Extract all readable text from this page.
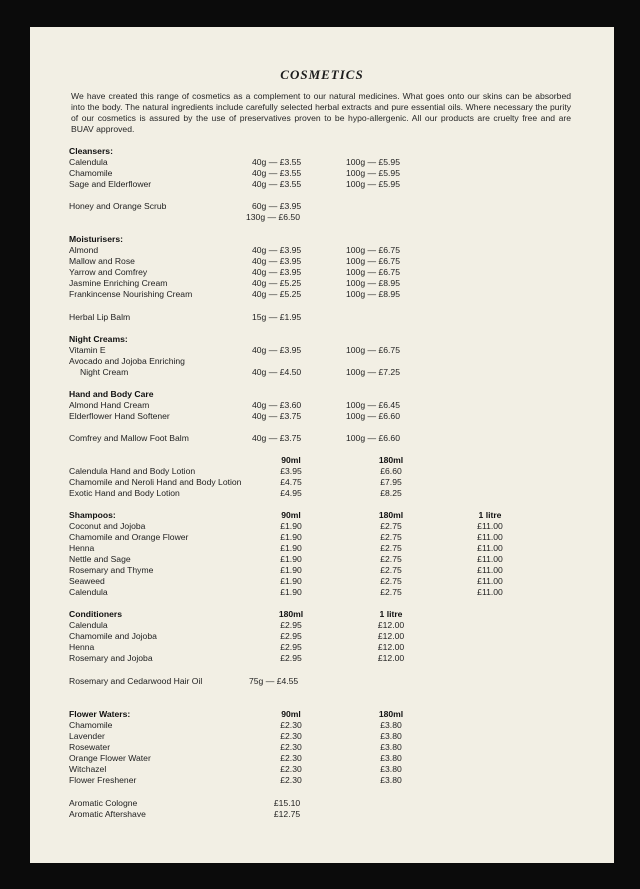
COSMETICS
We have created this range of cosmetics as a complement to our natural medicines. What goes onto our skins can be absorbed into the body. The natural ingredients include carefully selected herbal extracts and pure essential oils. Where necessary the purity of our cosmetics is assured by the use of preservatives proven to be hypo-allergenic. All our products are cruelty free and are BUAV approved.
Cleansers:
Calendula	40g — £3.55	100g — £5.95
Chamomile	40g — £3.55	100g — £5.95
Sage and Elderflower	40g — £3.55	100g — £5.95
Honey and Orange Scrub	60g — £3.95
130g — £6.50
Moisturisers:
Almond	40g — £3.95	100g — £6.75
Mallow and Rose	40g — £3.95	100g — £6.75
Yarrow and Comfrey	40g — £3.95	100g — £6.75
Jasmine Enriching Cream	40g — £5.25	100g — £8.95
Frankincense Nourishing Cream	40g — £5.25	100g — £8.95
Herbal Lip Balm	15g — £1.95
Night Creams:
Vitamin E	40g — £3.95	100g — £6.75
Avocado and Jojoba Enriching
Night Cream	40g — £4.50	100g — £7.25
Hand and Body Care
Almond Hand Cream	40g — £3.60	100g — £6.45
Elderflower Hand Softener	40g — £3.75	100g — £6.60
Comfrey and Mallow Foot Balm	40g — £3.75	100g — £6.60
90ml	180ml
Calendula Hand and Body Lotion	£3.95	£6.60
Chamomile and Neroli Hand and Body Lotion	£4.75	£7.95
Exotic Hand and Body Lotion	£4.95	£8.25
Shampoos:	90ml	180ml	1 litre
Coconut and Jojoba	£1.90	£2.75	£11.00
Chamomile and Orange Flower	£1.90	£2.75	£11.00
Henna	£1.90	£2.75	£11.00
Nettle and Sage	£1.90	£2.75	£11.00
Rosemary and Thyme	£1.90	£2.75	£11.00
Seaweed	£1.90	£2.75	£11.00
Calendula	£1.90	£2.75	£11.00
Conditioners	180ml	1 litre
Calendula	£2.95	£12.00
Chamomile and Jojoba	£2.95	£12.00
Henna	£2.95	£12.00
Rosemary and Jojoba	£2.95	£12.00
Rosemary and Cedarwood Hair Oil	75g — £4.55
Flower Waters:	90ml	180ml
Chamomile	£2.30	£3.80
Lavender	£2.30	£3.80
Rosewater	£2.30	£3.80
Orange Flower Water	£2.30	£3.80
Witchazel	£2.30	£3.80
Flower Freshener	£2.30	£3.80
Aromatic Cologne	£15.10
Aromatic Aftershave	£12.75
